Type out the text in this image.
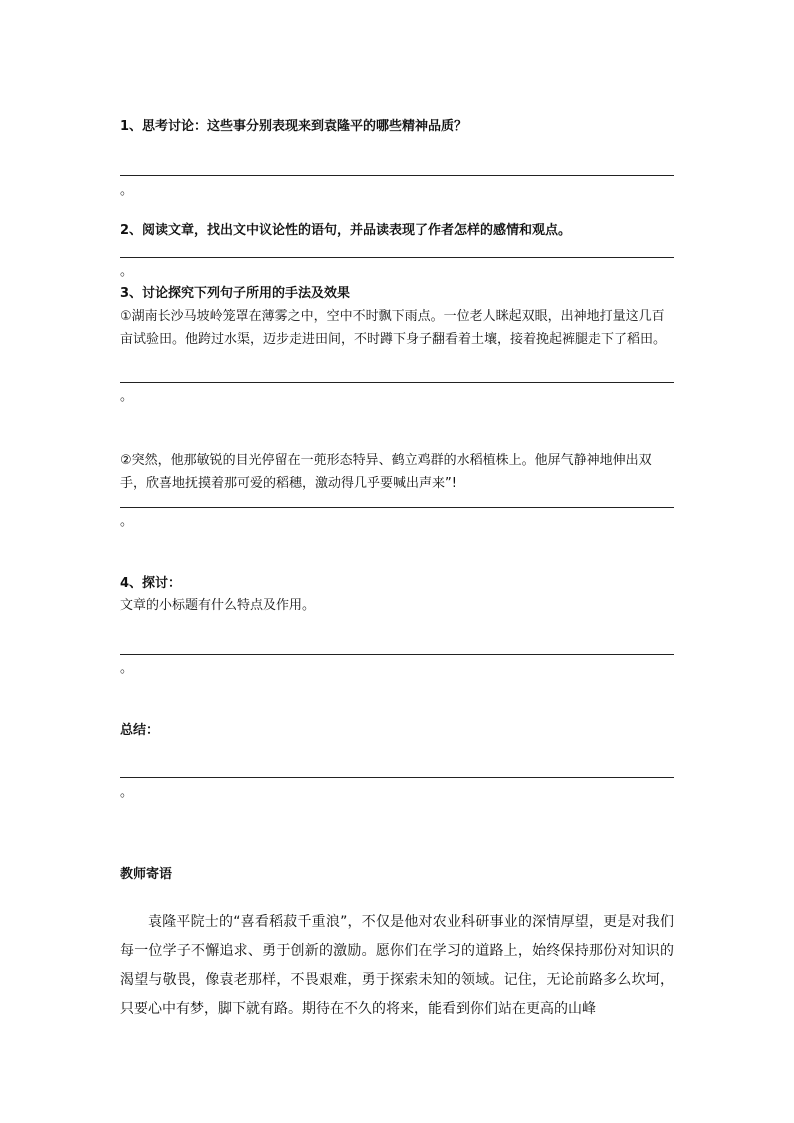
1、思考讨论：这些事分别表现来到袁隆平的哪些精神品质？
。
2、阅读文章，找出文中议论性的语句，并品读表现了作者怎样的感情和观点。
。
3、讨论探究下列句子所用的手法及效果
①湖南长沙马坡岭笼罩在薄雾之中，空中不时飘下雨点。一位老人眯起双眼，出神地打量这几百亩试验田。他跨过水渠，迈步走进田间，不时蹲下身子翻看着土壤，接着挽起裤腿走下了稻田。
。
②突然，他那敏锐的目光停留在一蔸形态特异、鹤立鸡群的水稻植株上。他屏气静神地伸出双手，欣喜地抚摸着那可爱的稻穗，激动得几乎要喊出声来”!
。
4、探讨：
文章的小标题有什么特点及作用。
。
总结：
。
教师寄语
袁隆平院士的“喜看稻菽千重浪”，不仅是他对农业科研事业的深情厚望，更是对我们每一位学子不懈追求、勇于创新的激励。愿你们在学习的道路上，始终保持那份对知识的渴望与敬畏，像袁老那样，不畏艰难，勇于探索未知的领域。记住，无论前路多么坎坷，只要心中有梦，脚下就有路。期待在不久的将来，能看到你们站在更高的山峰
